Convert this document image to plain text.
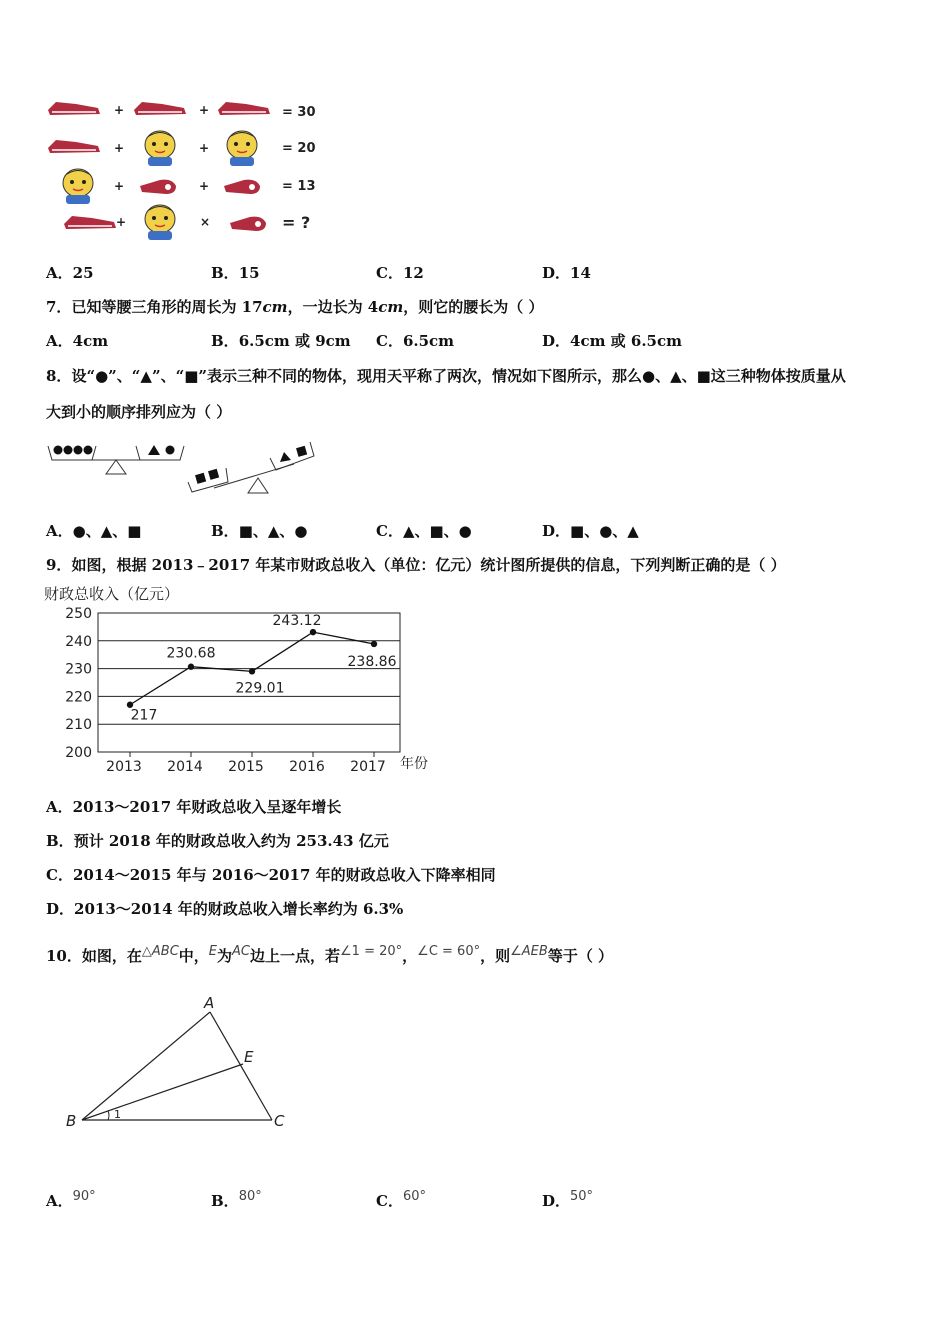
+	+	= 30
+	+	= 20
+	+	= 13
+	×	= ?
A．25	B．15	C．12	D．14
7．已知等腰三角形的周长为 17cm，一边长为 4cm，则它的腰长为（ ）
A．4cm	B．6.5cm 或 9cm C．6.5cm	D．4cm 或 6.5cm
8．设“●”、“▲”、“■”表示三种不同的物体，现用天平称了两次，情况如下图所示，那么●、▲、■这三种物体按质量从
大到小的顺序排列应为（ ）
A．●、▲、■	B．■、▲、●	C．▲、■、●	D．■、●、▲
9．如图，根据 2013﹣2017 年某市财政总收入（单位：亿元）统计图所提供的信息，下列判断正确的是（ ）
财政总收入（亿元）
200
210
220
230
240
250
2013 2014 2015 2016 2017
217
230.68
229.01
243.12
238.86
年份
A．2013～2017 年财政总收入呈逐年增长
B．预计 2018 年的财政总收入约为 253.43 亿元
C．2014～2015 年与 2016～2017 年的财政总收入下降率相同
D．2013～2014 年的财政总收入增长率约为 6.3%
10．如图，在△ABC中，E为AC边上一点，若∠1 = 20°，∠C = 60°，则∠AEB等于（ ）
A
B	C
E
1
A．90°	B．80°	C．60°	D．50°
